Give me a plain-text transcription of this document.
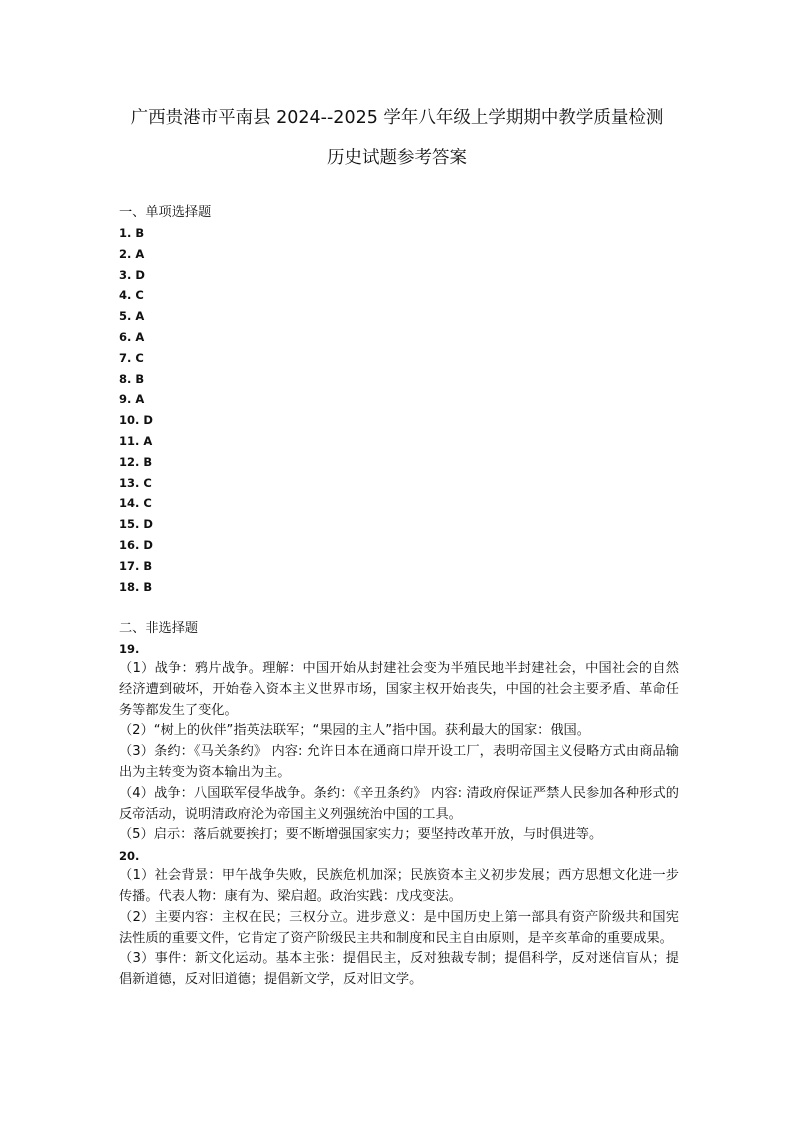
广西贵港市平南县 2024--2025 学年八年级上学期期中教学质量检测
历史试题参考答案
一、单项选择题
1. B
2. A
3. D
4. C
5. A
6. A
7. C
8. B
9. A
10. D
11. A
12. B
13. C
14. C
15. D
16. D
17. B
18. B
二、非选择题
19.

（1）战争：鸦片战争。理解：中国开始从封建社会变为半殖民地半封建社会，中国社会的自然经济遭到破坏，开始卷入资本主义世界市场，国家主权开始丧失，中国的社会主要矛盾、革命任务等都发生了变化。

（2）“树上的伙伴”指英法联军；“果园的主人”指中国。获利最大的国家：俄国。

（3）条约：《马关条约》 内容: 允许日本在通商口岸开设工厂，表明帝国主义侵略方式由商品输出为主转变为资本输出为主。

（4）战争：八国联军侵华战争。条约：《辛丑条约》 内容: 清政府保证严禁人民参加各种形式的反帝活动，说明清政府沦为帝国主义列强统治中国的工具。

（5）启示：落后就要挨打；要不断增强国家实力；要坚持改革开放，与时俱进等。

20.

（1）社会背景：甲午战争失败，民族危机加深；民族资本主义初步发展；西方思想文化进一步传播。代表人物：康有为、梁启超。政治实践：戊戌变法。

（2）主要内容：主权在民；三权分立。进步意义：是中国历史上第一部具有资产阶级共和国宪法性质的重要文件，它肯定了资产阶级民主共和制度和民主自由原则，是辛亥革命的重要成果。

（3）事件：新文化运动。基本主张：提倡民主，反对独裁专制；提倡科学，反对迷信盲从；提倡新道德，反对旧道德；提倡新文学，反对旧文学。
